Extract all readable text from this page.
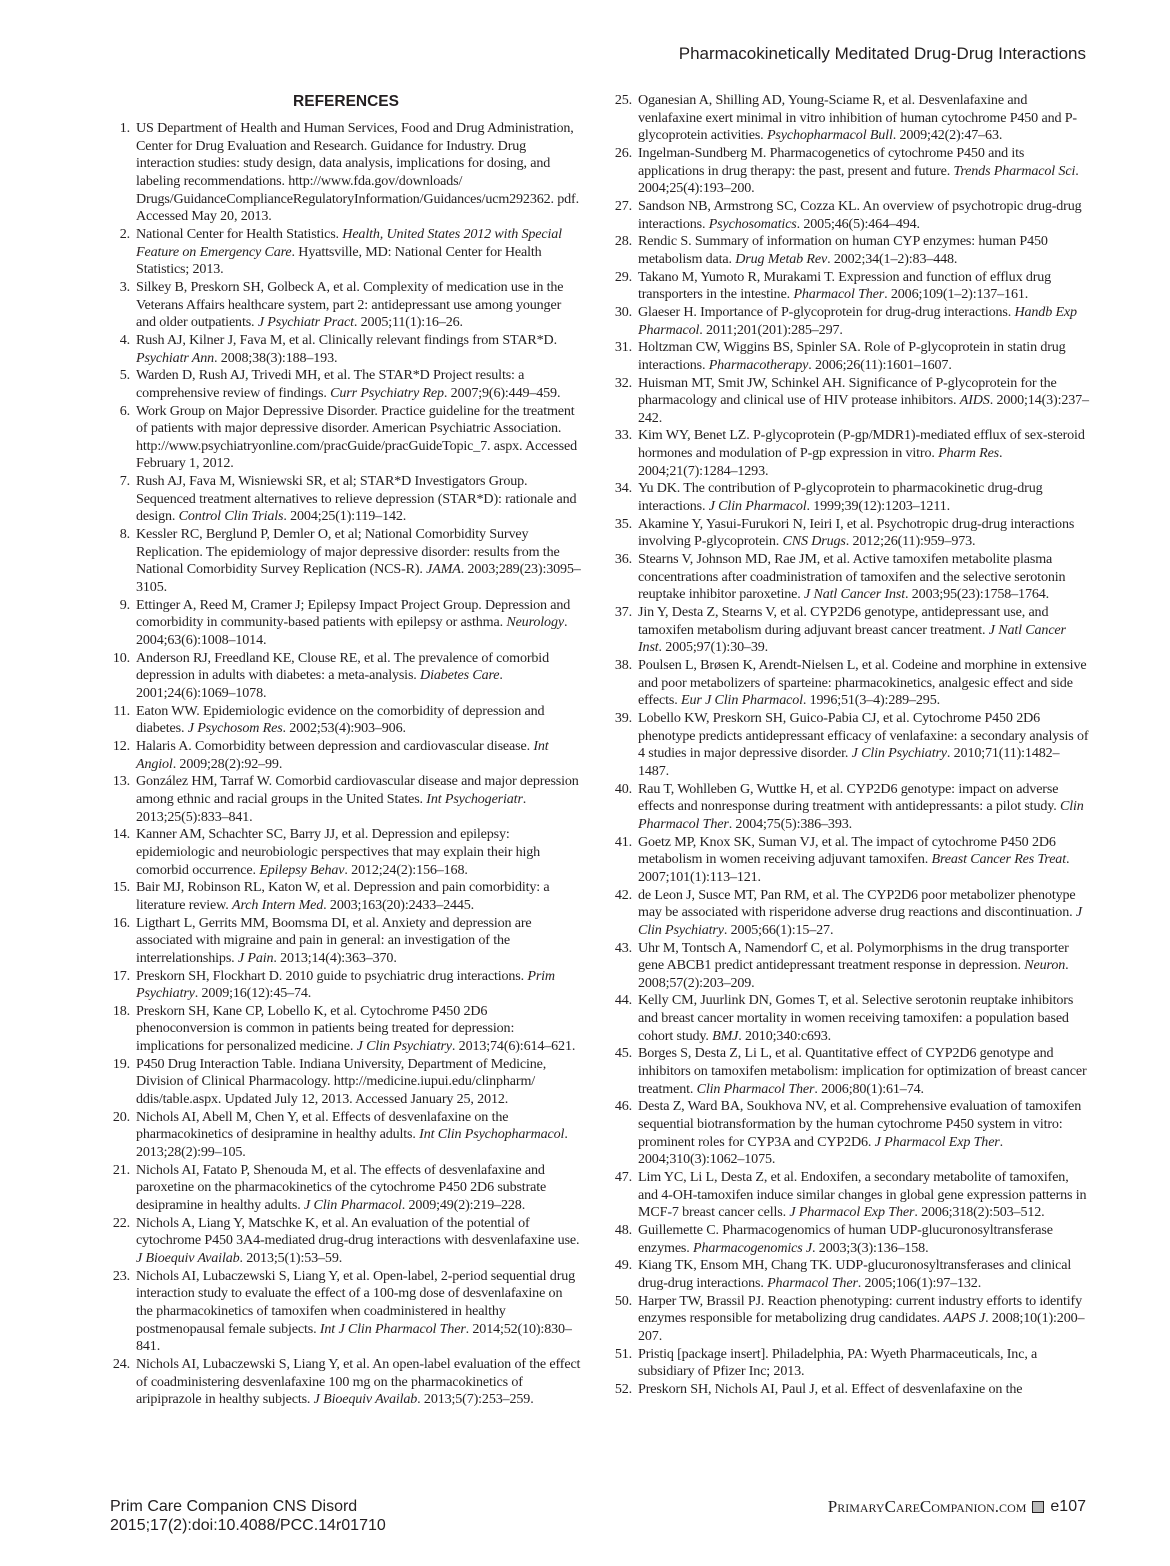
Pharmacokinetically Meditated Drug-Drug Interactions
REFERENCES
1. US Department of Health and Human Services, Food and Drug Administration, Center for Drug Evaluation and Research. Guidance for Industry. Drug interaction studies: study design, data analysis, implications for dosing, and labeling recommendations. http://www.fda.gov/downloads/ Drugs/GuidanceComplianceRegulatoryInformation/Guidances/ucm292362. pdf. Accessed May 20, 2013.
2. National Center for Health Statistics. Health, United States 2012 with Special Feature on Emergency Care. Hyattsville, MD: National Center for Health Statistics; 2013.
3. Silkey B, Preskorn SH, Golbeck A, et al. Complexity of medication use in the Veterans Affairs healthcare system, part 2: antidepressant use among younger and older outpatients. J Psychiatr Pract. 2005;11(1):16–26.
4. Rush AJ, Kilner J, Fava M, et al. Clinically relevant findings from STAR*D. Psychiatr Ann. 2008;38(3):188–193.
5. Warden D, Rush AJ, Trivedi MH, et al. The STAR*D Project results: a comprehensive review of findings. Curr Psychiatry Rep. 2007;9(6):449–459.
6. Work Group on Major Depressive Disorder. Practice guideline for the treatment of patients with major depressive disorder. American Psychiatric Association. http://www.psychiatryonline.com/pracGuide/pracGuideTopic_7. aspx. Accessed February 1, 2012.
7. Rush AJ, Fava M, Wisniewski SR, et al; STAR*D Investigators Group. Sequenced treatment alternatives to relieve depression (STAR*D): rationale and design. Control Clin Trials. 2004;25(1):119–142.
8. Kessler RC, Berglund P, Demler O, et al; National Comorbidity Survey Replication. The epidemiology of major depressive disorder: results from the National Comorbidity Survey Replication (NCS-R). JAMA. 2003;289(23):3095–3105.
9. Ettinger A, Reed M, Cramer J; Epilepsy Impact Project Group. Depression and comorbidity in community-based patients with epilepsy or asthma. Neurology. 2004;63(6):1008–1014.
10. Anderson RJ, Freedland KE, Clouse RE, et al. The prevalence of comorbid depression in adults with diabetes: a meta-analysis. Diabetes Care. 2001;24(6):1069–1078.
11. Eaton WW. Epidemiologic evidence on the comorbidity of depression and diabetes. J Psychosom Res. 2002;53(4):903–906.
12. Halaris A. Comorbidity between depression and cardiovascular disease. Int Angiol. 2009;28(2):92–99.
13. González HM, Tarraf W. Comorbid cardiovascular disease and major depression among ethnic and racial groups in the United States. Int Psychogeriatr. 2013;25(5):833–841.
14. Kanner AM, Schachter SC, Barry JJ, et al. Depression and epilepsy: epidemiologic and neurobiologic perspectives that may explain their high comorbid occurrence. Epilepsy Behav. 2012;24(2):156–168.
15. Bair MJ, Robinson RL, Katon W, et al. Depression and pain comorbidity: a literature review. Arch Intern Med. 2003;163(20):2433–2445.
16. Ligthart L, Gerrits MM, Boomsma DI, et al. Anxiety and depression are associated with migraine and pain in general: an investigation of the interrelationships. J Pain. 2013;14(4):363–370.
17. Preskorn SH, Flockhart D. 2010 guide to psychiatric drug interactions. Prim Psychiatry. 2009;16(12):45–74.
18. Preskorn SH, Kane CP, Lobello K, et al. Cytochrome P450 2D6 phenoconversion is common in patients being treated for depression: implications for personalized medicine. J Clin Psychiatry. 2013;74(6):614–621.
19. P450 Drug Interaction Table. Indiana University, Department of Medicine, Division of Clinical Pharmacology. http://medicine.iupui.edu/clinpharm/ ddis/table.aspx. Updated July 12, 2013. Accessed January 25, 2012.
20. Nichols AI, Abell M, Chen Y, et al. Effects of desvenlafaxine on the pharmacokinetics of desipramine in healthy adults. Int Clin Psychopharmacol. 2013;28(2):99–105.
21. Nichols AI, Fatato P, Shenouda M, et al. The effects of desvenlafaxine and paroxetine on the pharmacokinetics of the cytochrome P450 2D6 substrate desipramine in healthy adults. J Clin Pharmacol. 2009;49(2):219–228.
22. Nichols A, Liang Y, Matschke K, et al. An evaluation of the potential of cytochrome P450 3A4-mediated drug-drug interactions with desvenlafaxine use. J Bioequiv Availab. 2013;5(1):53–59.
23. Nichols AI, Lubaczewski S, Liang Y, et al. Open-label, 2-period sequential drug interaction study to evaluate the effect of a 100-mg dose of desvenlafaxine on the pharmacokinetics of tamoxifen when coadministered in healthy postmenopausal female subjects. Int J Clin Pharmacol Ther. 2014;52(10):830–841.
24. Nichols AI, Lubaczewski S, Liang Y, et al. An open-label evaluation of the effect of coadministering desvenlafaxine 100 mg on the pharmacokinetics of aripiprazole in healthy subjects. J Bioequiv Availab. 2013;5(7):253–259.
25. Oganesian A, Shilling AD, Young-Sciame R, et al. Desvenlafaxine and venlafaxine exert minimal in vitro inhibition of human cytochrome P450 and P-glycoprotein activities. Psychopharmacol Bull. 2009;42(2):47–63.
26. Ingelman-Sundberg M. Pharmacogenetics of cytochrome P450 and its applications in drug therapy: the past, present and future. Trends Pharmacol Sci. 2004;25(4):193–200.
27. Sandson NB, Armstrong SC, Cozza KL. An overview of psychotropic drug-drug interactions. Psychosomatics. 2005;46(5):464–494.
28. Rendic S. Summary of information on human CYP enzymes: human P450 metabolism data. Drug Metab Rev. 2002;34(1–2):83–448.
29. Takano M, Yumoto R, Murakami T. Expression and function of efflux drug transporters in the intestine. Pharmacol Ther. 2006;109(1–2):137–161.
30. Glaeser H. Importance of P-glycoprotein for drug-drug interactions. Handb Exp Pharmacol. 2011;201(201):285–297.
31. Holtzman CW, Wiggins BS, Spinler SA. Role of P-glycoprotein in statin drug interactions. Pharmacotherapy. 2006;26(11):1601–1607.
32. Huisman MT, Smit JW, Schinkel AH. Significance of P-glycoprotein for the pharmacology and clinical use of HIV protease inhibitors. AIDS. 2000;14(3):237–242.
33. Kim WY, Benet LZ. P-glycoprotein (P-gp/MDR1)-mediated efflux of sex-steroid hormones and modulation of P-gp expression in vitro. Pharm Res. 2004;21(7):1284–1293.
34. Yu DK. The contribution of P-glycoprotein to pharmacokinetic drug-drug interactions. J Clin Pharmacol. 1999;39(12):1203–1211.
35. Akamine Y, Yasui-Furukori N, Ieiri I, et al. Psychotropic drug-drug interactions involving P-glycoprotein. CNS Drugs. 2012;26(11):959–973.
36. Stearns V, Johnson MD, Rae JM, et al. Active tamoxifen metabolite plasma concentrations after coadministration of tamoxifen and the selective serotonin reuptake inhibitor paroxetine. J Natl Cancer Inst. 2003;95(23):1758–1764.
37. Jin Y, Desta Z, Stearns V, et al. CYP2D6 genotype, antidepressant use, and tamoxifen metabolism during adjuvant breast cancer treatment. J Natl Cancer Inst. 2005;97(1):30–39.
38. Poulsen L, Brøsen K, Arendt-Nielsen L, et al. Codeine and morphine in extensive and poor metabolizers of sparteine: pharmacokinetics, analgesic effect and side effects. Eur J Clin Pharmacol. 1996;51(3–4):289–295.
39. Lobello KW, Preskorn SH, Guico-Pabia CJ, et al. Cytochrome P450 2D6 phenotype predicts antidepressant efficacy of venlafaxine: a secondary analysis of 4 studies in major depressive disorder. J Clin Psychiatry. 2010;71(11):1482–1487.
40. Rau T, Wohlleben G, Wuttke H, et al. CYP2D6 genotype: impact on adverse effects and nonresponse during treatment with antidepressants: a pilot study. Clin Pharmacol Ther. 2004;75(5):386–393.
41. Goetz MP, Knox SK, Suman VJ, et al. The impact of cytochrome P450 2D6 metabolism in women receiving adjuvant tamoxifen. Breast Cancer Res Treat. 2007;101(1):113–121.
42. de Leon J, Susce MT, Pan RM, et al. The CYP2D6 poor metabolizer phenotype may be associated with risperidone adverse drug reactions and discontinuation. J Clin Psychiatry. 2005;66(1):15–27.
43. Uhr M, Tontsch A, Namendorf C, et al. Polymorphisms in the drug transporter gene ABCB1 predict antidepressant treatment response in depression. Neuron. 2008;57(2):203–209.
44. Kelly CM, Juurlink DN, Gomes T, et al. Selective serotonin reuptake inhibitors and breast cancer mortality in women receiving tamoxifen: a population based cohort study. BMJ. 2010;340:c693.
45. Borges S, Desta Z, Li L, et al. Quantitative effect of CYP2D6 genotype and inhibitors on tamoxifen metabolism: implication for optimization of breast cancer treatment. Clin Pharmacol Ther. 2006;80(1):61–74.
46. Desta Z, Ward BA, Soukhova NV, et al. Comprehensive evaluation of tamoxifen sequential biotransformation by the human cytochrome P450 system in vitro: prominent roles for CYP3A and CYP2D6. J Pharmacol Exp Ther. 2004;310(3):1062–1075.
47. Lim YC, Li L, Desta Z, et al. Endoxifen, a secondary metabolite of tamoxifen, and 4-OH-tamoxifen induce similar changes in global gene expression patterns in MCF-7 breast cancer cells. J Pharmacol Exp Ther. 2006;318(2):503–512.
48. Guillemette C. Pharmacogenomics of human UDP-glucuronosyltransferase enzymes. Pharmacogenomics J. 2003;3(3):136–158.
49. Kiang TK, Ensom MH, Chang TK. UDP-glucuronosyltransferases and clinical drug-drug interactions. Pharmacol Ther. 2005;106(1):97–132.
50. Harper TW, Brassil PJ. Reaction phenotyping: current industry efforts to identify enzymes responsible for metabolizing drug candidates. AAPS J. 2008;10(1):200–207.
51. Pristiq [package insert]. Philadelphia, PA: Wyeth Pharmaceuticals, Inc, a subsidiary of Pfizer Inc; 2013.
52. Preskorn SH, Nichols AI, Paul J, et al. Effect of desvenlafaxine on the
Prim Care Companion CNS Disord
2015;17(2):doi:10.4088/PCC.14r01710
PrimaryCareCompanion.com e107
